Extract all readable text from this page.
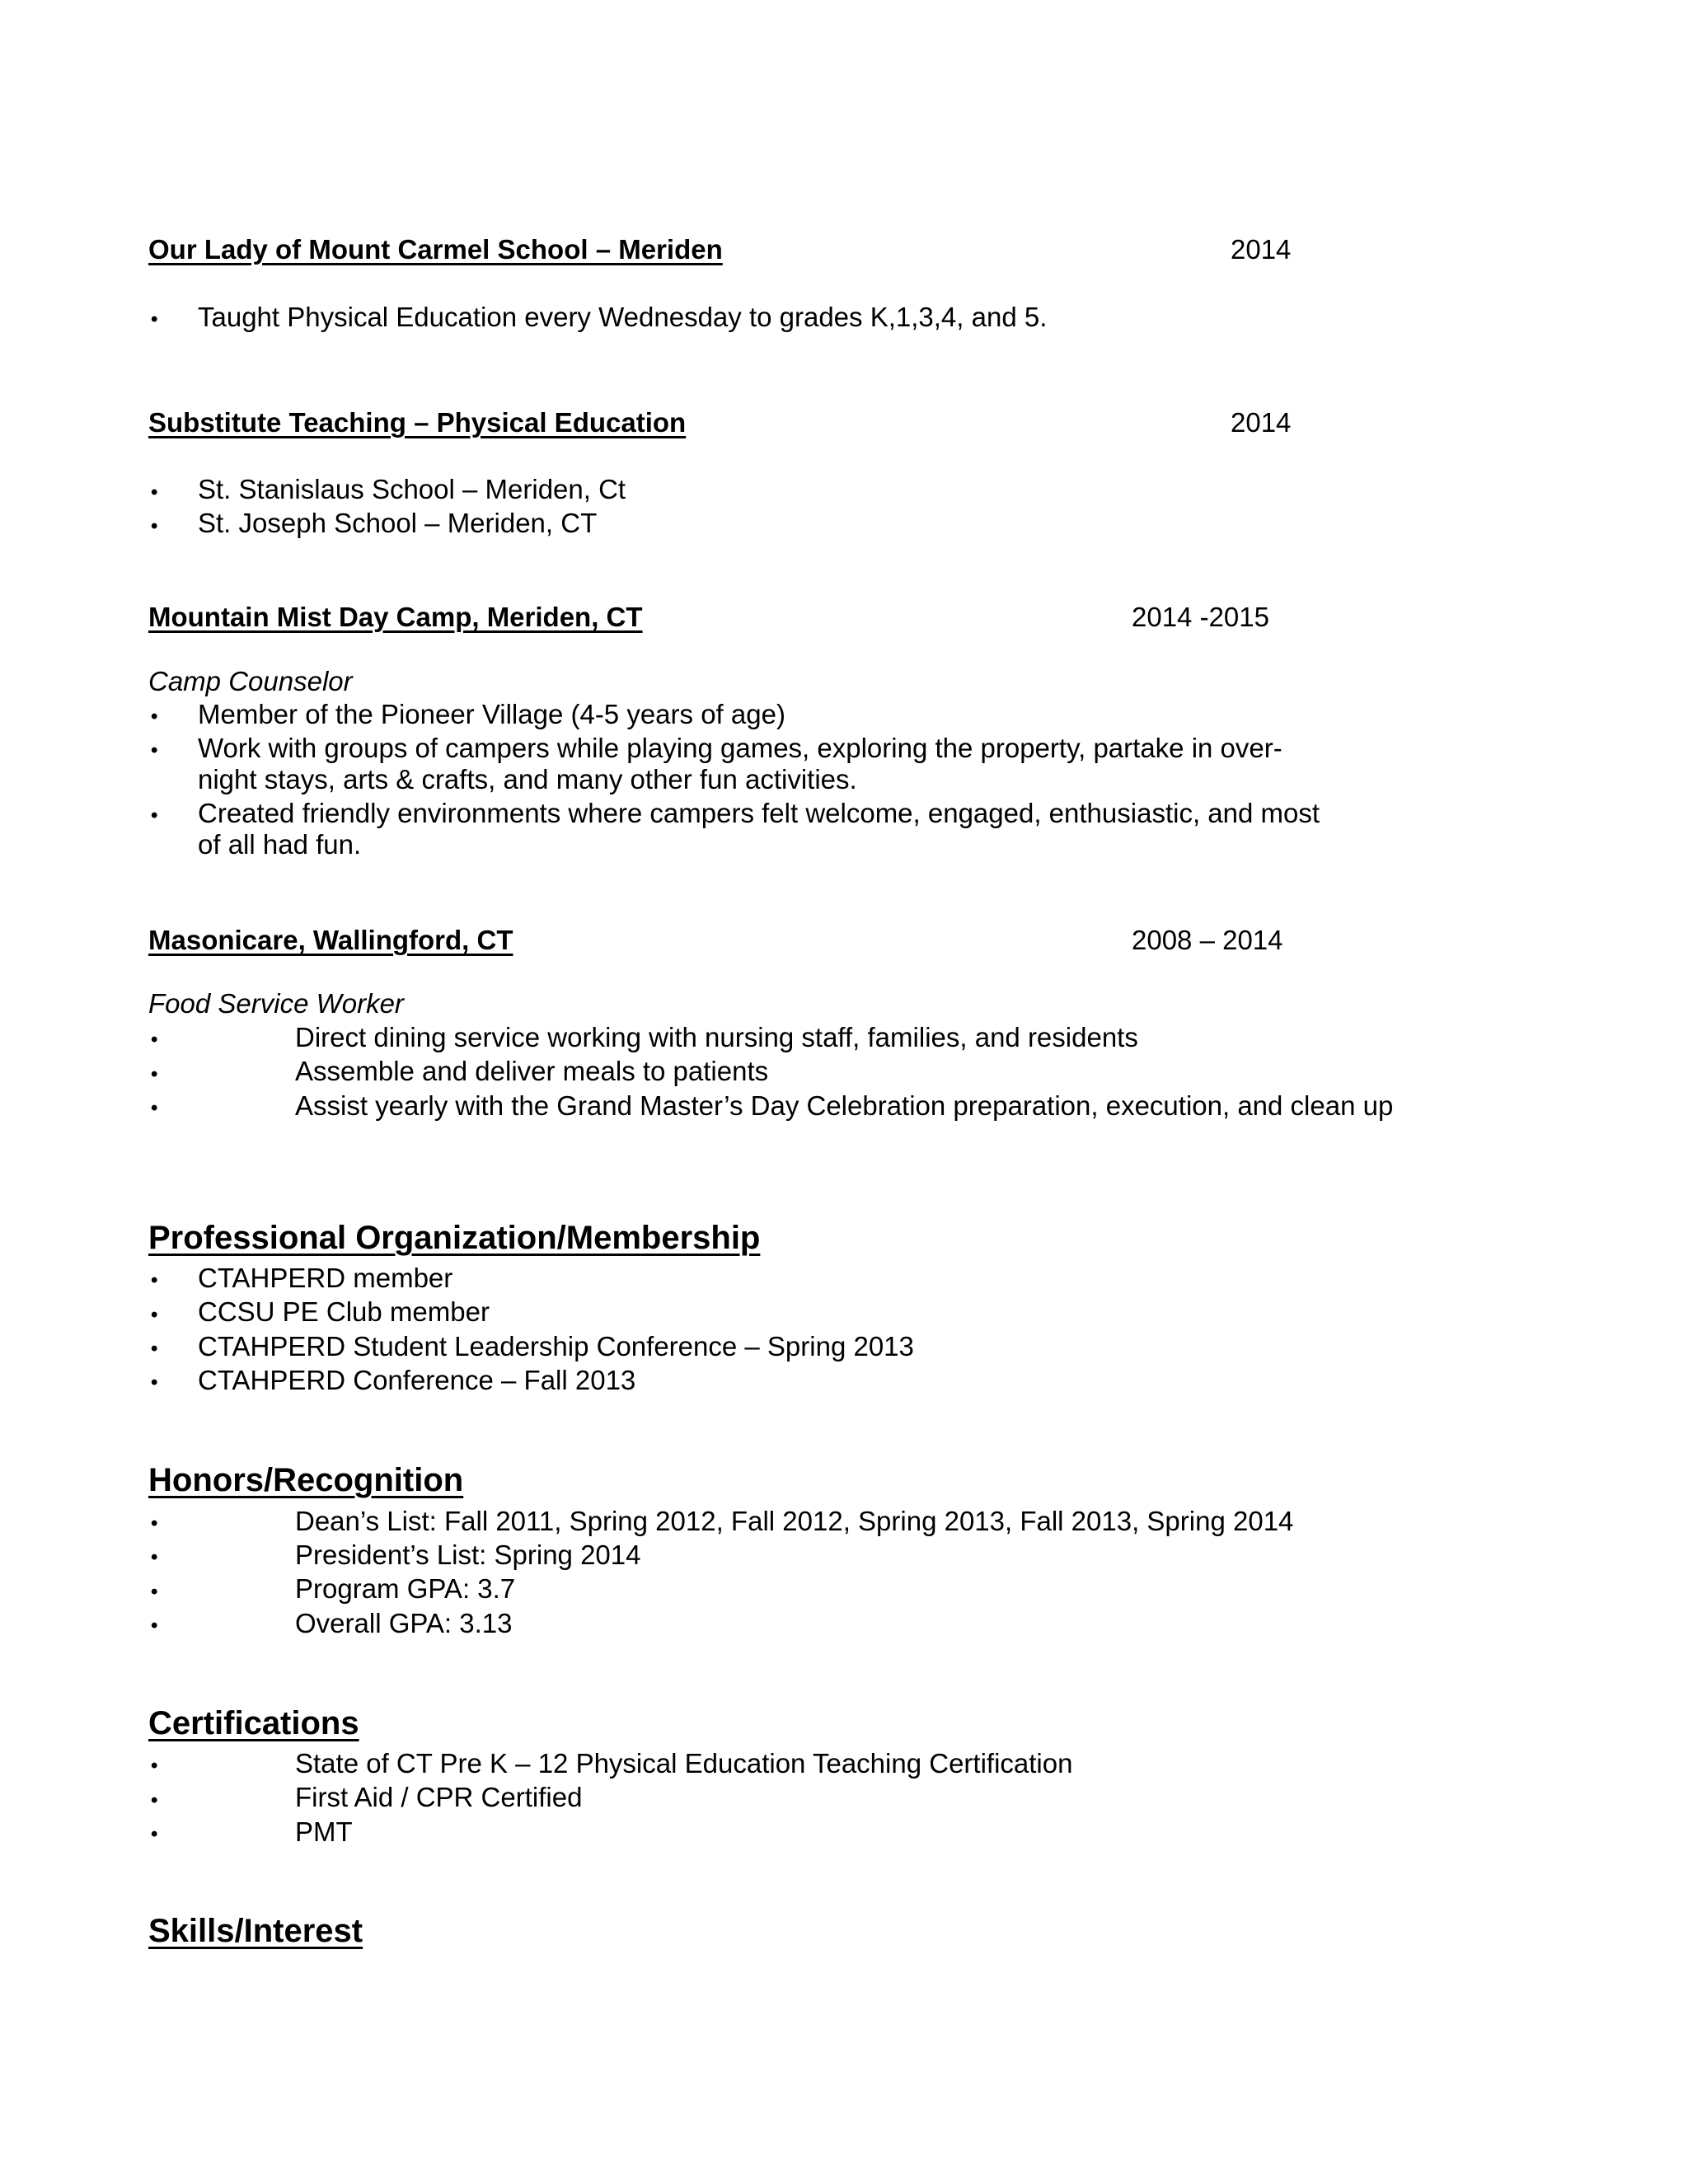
Our Lady of Mount Carmel School – Meriden	2014
• Taught Physical Education every Wednesday to grades K,1,3,4, and 5.
Substitute Teaching – Physical Education	2014
• St. Stanislaus School – Meriden, Ct
• St. Joseph School – Meriden, CT
Mountain Mist Day Camp, Meriden, CT	2014 -2015
Camp Counselor
• Member of the Pioneer Village (4-5 years of age)
• Work with groups of campers while playing games, exploring the property, partake in over-
night stays, arts & crafts, and many other fun activities.
• Created friendly environments where campers felt welcome, engaged, enthusiastic, and most
of all had fun.
Masonicare, Wallingford, CT	2008 – 2014
Food Service Worker
•	Direct dining service working with nursing staff, families, and residents
•	Assemble and deliver meals to patients
•	Assist yearly with the Grand Master’s Day Celebration preparation, execution, and clean up
Professional Organization/Membership
• CTAHPERD member
• CCSU PE Club member
• CTAHPERD Student Leadership Conference – Spring 2013
• CTAHPERD Conference – Fall 2013
Honors/Recognition
•	Dean’s List: Fall 2011, Spring 2012, Fall 2012, Spring 2013, Fall 2013, Spring 2014
•	President’s List: Spring 2014
•	Program GPA: 3.7
•	Overall GPA: 3.13
Certifications
•	State of CT Pre K – 12 Physical Education Teaching Certification
•	First Aid / CPR Certified
•	PMT
Skills/Interest
